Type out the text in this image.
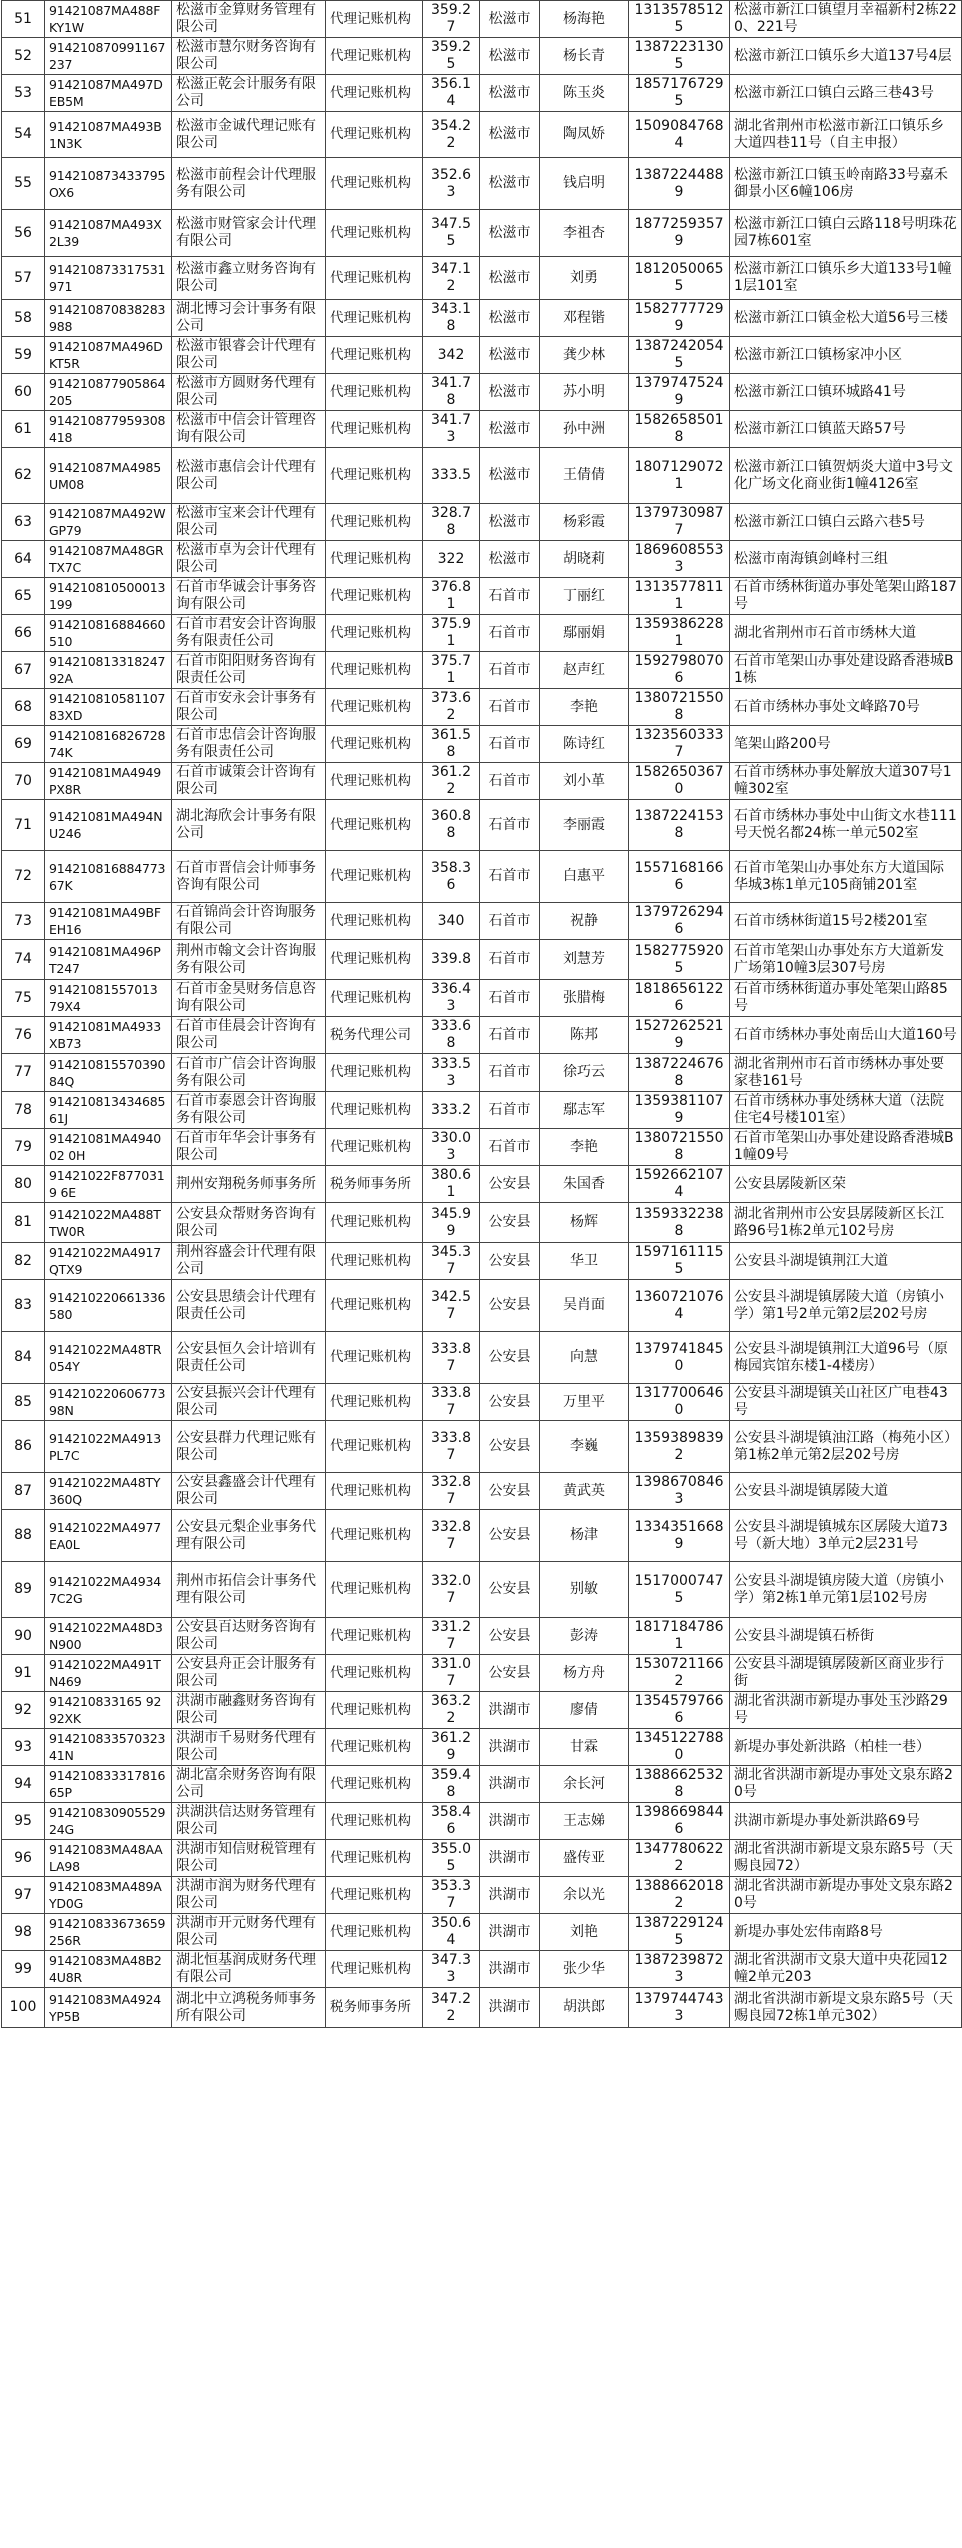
51	91421087MA488FKY1W	松滋市金算财务管理有限公司	代理记账机构	359.27	松滋市	杨海艳	13135785125	松滋市新江口镇望月幸福新村2栋220、221号
52	914210870991167237	松滋市慧尔财务咨询有限公司	代理记账机构	359.25	松滋市	杨长青	13872231305	松滋市新江口镇乐乡大道137号4层
53	91421087MA497DEB5M	松滋正乾会计服务有限公司	代理记账机构	356.14	松滋市	陈玉炎	18571767295	松滋市新江口镇白云路三巷43号
54	91421087MA493B1N3K	松滋市金诚代理记账有限公司	代理记账机构	354.22	松滋市	陶凤娇	15090847684	湖北省荆州市松滋市新江口镇乐乡大道四巷11号（自主申报）
55	914210873433795OX6	松滋市前程会计代理服务有限公司	代理记账机构	352.63	松滋市	钱启明	13872244889	松滋市新江口镇玉岭南路33号嘉禾御景小区6幢106房
56	91421087MA493X2L39	松滋市财管家会计代理有限公司	代理记账机构	347.55	松滋市	李祖杏	18772593579	松滋市新江口镇白云路118号明珠花园7栋601室
57	914210873317531971	松滋市鑫立财务咨询有限公司	代理记账机构	347.12	松滋市	刘勇	18120500655	松滋市新江口镇乐乡大道133号1幢1层101室
58	914210870838283988	湖北博习会计事务有限公司	代理记账机构	343.18	松滋市	邓程锴	15827777299	松滋市新江口镇金松大道56号三楼
59	91421087MA496DKT5R	松滋市银睿会计代理有限公司	代理记账机构	342	松滋市	龚少林	13872420545	松滋市新江口镇杨家冲小区
60	914210877905864205	松滋市方圆财务代理有限公司	代理记账机构	341.78	松滋市	苏小明	13797475249	松滋市新江口镇环城路41号
61	914210877959308418	松滋市中信会计管理咨询有限公司	代理记账机构	341.73	松滋市	孙中洲	15826585018	松滋市新江口镇蓝天路57号
62	91421087MA4985UM08	松滋市惠信会计代理有限公司	代理记账机构	333.5	松滋市	王倩倩	18071290721	松滋市新江口镇贺炳炎大道中3号文化广场文化商业街1幢4126室
63	91421087MA492WGP79	松滋市宝来会计代理有限公司	代理记账机构	328.78	松滋市	杨彩霞	13797309877	松滋市新江口镇白云路六巷5号
64	91421087MA48GRTX7C	松滋市卓为会计代理有限公司	代理记账机构	322	松滋市	胡晓莉	18696085533	松滋市南海镇剑峰村三组
65	914210810500013199	石首市华诚会计事务咨询有限公司	代理记账机构	376.81	石首市	丁丽红	13135778111	石首市绣林街道办事处笔架山路187号
66	914210816884660510	石首市君安会计咨询服务有限责任公司	代理记账机构	375.91	石首市	鄢丽娟	13593862281	湖北省荆州市石首市绣林大道
67	91421081331824792A	石首市阳阳财务咨询有限责任公司	代理记账机构	375.71	石首市	赵声红	15927980706	石首市笔架山办事处建设路香港城B1栋
68	91421081058110783XD	石首市安永会计事务有限公司	代理记账机构	373.62	石首市	李艳	13807215508	石首市绣林办事处文峰路70号
69	914210816826728 74K	石首市忠信会计咨询服务有限责任公司	代理记账机构	361.58	石首市	陈诗红	13235603337	笔架山路200号
70	91421081MA4949PX8R	石首市诚策会计咨询有限公司	代理记账机构	361.22	石首市	刘小革	15826503670	石首市绣林办事处解放大道307号1幢302室
71	91421081MA494NU246	湖北海欣会计事务有限公司	代理记账机构	360.88	石首市	李丽霞	13872241538	石首市绣林办事处中山街文水巷111号天悦名都24栋一单元502室
72	914210816884773 67K	石首市晋信会计师事务咨询有限公司	代理记账机构	358.36	石首市	白惠平	15571681666	石首市笔架山办事处东方大道国际华城3栋1单元105商铺201室
73	91421081MA49BFEH16	石首锦尚会计咨询服务有限公司	代理记账机构	340	石首市	祝静	13797262946	石首市绣林街道15号2楼201室
74	91421081MA496PT247	荆州市翰文会计咨询服务有限公司	代理记账机构	339.8	石首市	刘慧芳	15827759205	石首市笔架山办事处东方大道新发广场第10幢3层307号房
75	91421081557013 79X4	石首市金昊财务信息咨询有限公司	代理记账机构	336.43	石首市	张腊梅	18186561226	石首市绣林街道办事处笔架山路85号
76	91421081MA4933XB73	石首市佳晨会计咨询有限公司	税务代理公司	333.68	石首市	陈邦	15272625219	石首市绣林办事处南岳山大道160号
77	914210815570390 84Q	石首市广信会计咨询服务有限公司	代理记账机构	333.53	石首市	徐巧云	13872246768	湖北省荆州市石首市绣林办事处要家巷161号
78	914210813434685 61J	石首市泰恩会计咨询服务有限公司	代理记账机构	333.2	石首市	鄢志军	13593811079	石首市绣林办事处绣林大道（法院住宅4号楼101室）
79	91421081MA494002 0H	石首市年华会计事务有限公司	代理记账机构	330.03	石首市	李艳	13807215508	石首市笔架山办事处建设路香港城B1幢09号
80	91421022F8770319 6E	荆州安翔税务师事务所	税务师事务所	380.61	公安县	朱国香	15926621074	公安县孱陵新区荣
81	91421022MA488TTW0R	公安县众帮财务咨询有限公司	代理记账机构	345.99	公安县	杨辉	13593322388	湖北省荆州市公安县孱陵新区长江路96号1栋2单元102号房
82	91421022MA4917QTX9	荆州容盛会计代理有限公司	代理记账机构	345.37	公安县	华卫	15971611155	公安县斗湖堤镇荆江大道
83	914210220661336580	公安县思绩会计代理有限责任公司	代理记账机构	342.57	公安县	吴肖面	13607210764	公安县斗湖堤镇孱陵大道（房镇小学）第1号2单元第2层202号房
84	91421022MA48TR054Y	公安县恒久会计培训有限责任公司	代理记账机构	333.87	公安县	向慧	13797418450	公安县斗湖堤镇荆江大道96号（原梅园宾馆东楼1-4楼房）
85	91421022060677398N	公安县振兴会计代理有限公司	代理记账机构	333.87	公安县	万里平	13177006460	公安县斗湖堤镇关山社区广电巷43号
86	91421022MA4913PL7C	公安县群力代理记账有限公司	代理记账机构	333.87	公安县	李巍	13593898392	公安县斗湖堤镇油江路（梅苑小区）第1栋2单元第2层202号房
87	91421022MA48TY360Q	公安县鑫盛会计代理有限公司	代理记账机构	332.87	公安县	黄武英	13986708463	公安县斗湖堤镇孱陵大道
88	91421022MA4977EA0L	公安县元梨企业事务代理有限公司	代理记账机构	332.87	公安县	杨津	13343516689	公安县斗湖堤镇城东区孱陵大道73号（新大地）3单元2层231号
89	91421022MA49347C2G	荆州市拓信会计事务代理有限公司	代理记账机构	332.07	公安县	别敏	15170007475	公安县斗湖堤镇房陵大道（房镇小学）第2栋1单元第1层102号房
90	91421022MA48D3N900	公安县百达财务咨询有限公司	代理记账机构	331.27	公安县	彭涛	18171847861	公安县斗湖堤镇石桥街
91	91421022MA491TN469	公安县舟正会计服务有限公司	代理记账机构	331.07	公安县	杨方舟	15307211662	公安县斗湖堤镇孱陵新区商业步行街
92	914210833165 9292XK	洪湖市融鑫财务咨询有限公司	代理记账机构	363.22	洪湖市	廖倩	13545797666	湖北省洪湖市新堤办事处玉沙路29号
93	914210833570323 41N	洪湖市千易财务代理有限公司	代理记账机构	361.29	洪湖市	甘霖	13451227880	新堤办事处新洪路（柏桂一巷）
94	914210833317816 65P	湖北富余财务咨询有限公司	代理记账机构	359.48	洪湖市	余长河	13886625328	湖北省洪湖市新堤办事处文泉东路20号
95	914210830905529 24G	洪湖洪信达财务管理有限公司	代理记账机构	358.46	洪湖市	王志娣	13986698446	洪湖市新堤办事处新洪路69号
96	91421083MA48AALA98	洪湖市知信财税管理有限公司	代理记账机构	355.05	洪湖市	盛传亚	13477806222	湖北省洪湖市新堤文泉东路5号（天赐良园72）
97	91421083MA489AYD0G	洪湖市润为财务代理有限公司	代理记账机构	353.37	洪湖市	余以光	13886620182	湖北省洪湖市新堤办事处文泉东路20号
98	914210833673659 256R	洪湖市开元财务代理有限公司	代理记账机构	350.64	洪湖市	刘艳	13872291245	新堤办事处宏伟南路8号
99	91421083MA48B24U8R	湖北恒基润成财务代理有限公司	代理记账机构	347.33	洪湖市	张少华	13872398723	湖北省洪湖市文泉大道中央花园12幢2单元203
100	91421083MA4924YP5B	湖北中立鸿税务师事务所有限公司	税务师事务所	347.22	洪湖市	胡洪郎	13797447433	湖北省洪湖市新堤文泉东路5号（天赐良园72栋1单元302）
